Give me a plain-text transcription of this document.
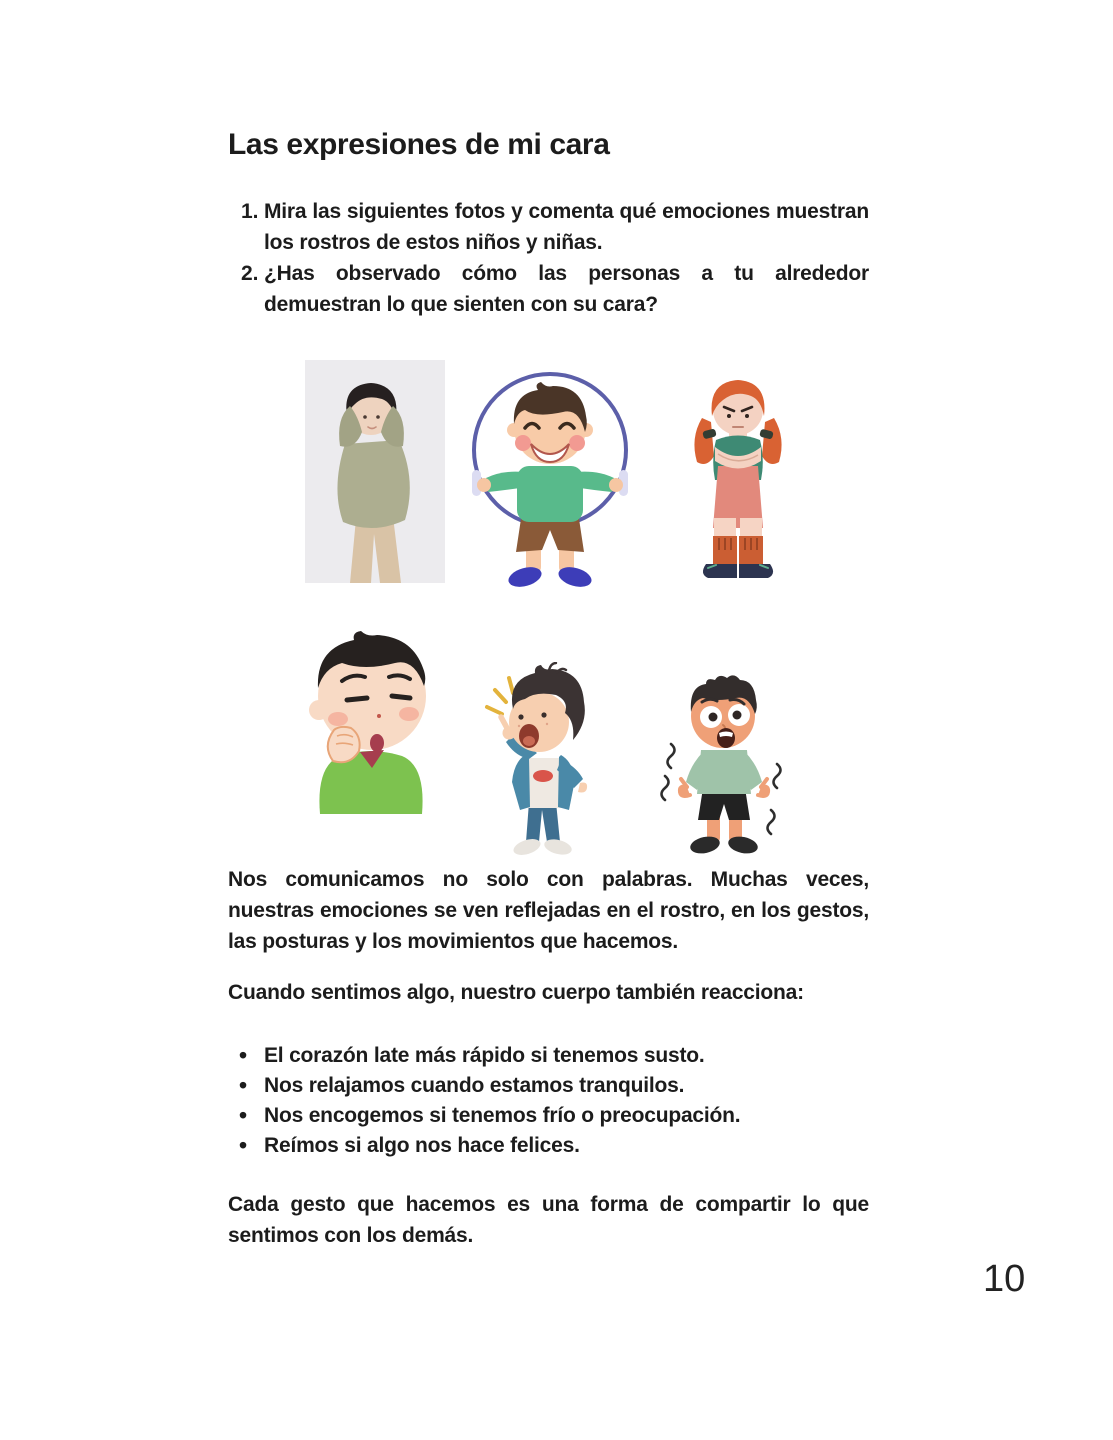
Las expresiones de mi cara
1. Mira las siguientes fotos y comenta qué emociones muestran los rostros de estos niños y niñas.

2. ¿Has observado cómo las personas a tu alrededor demuestran lo que sienten con su cara?

Nos comunicamos no solo con palabras. Muchas veces, nuestras emociones se ven reflejadas en el rostro, en los gestos, las posturas y los movimientos que hacemos.

Cuando sentimos algo, nuestro cuerpo también reacciona:

• El corazón late más rápido si tenemos susto.
• Nos relajamos cuando estamos tranquilos.
• Nos encogemos si tenemos frío o preocupación.
• Reímos si algo nos hace felices.

Cada gesto que hacemos es una forma de compartir lo que sentimos con los demás.

10
